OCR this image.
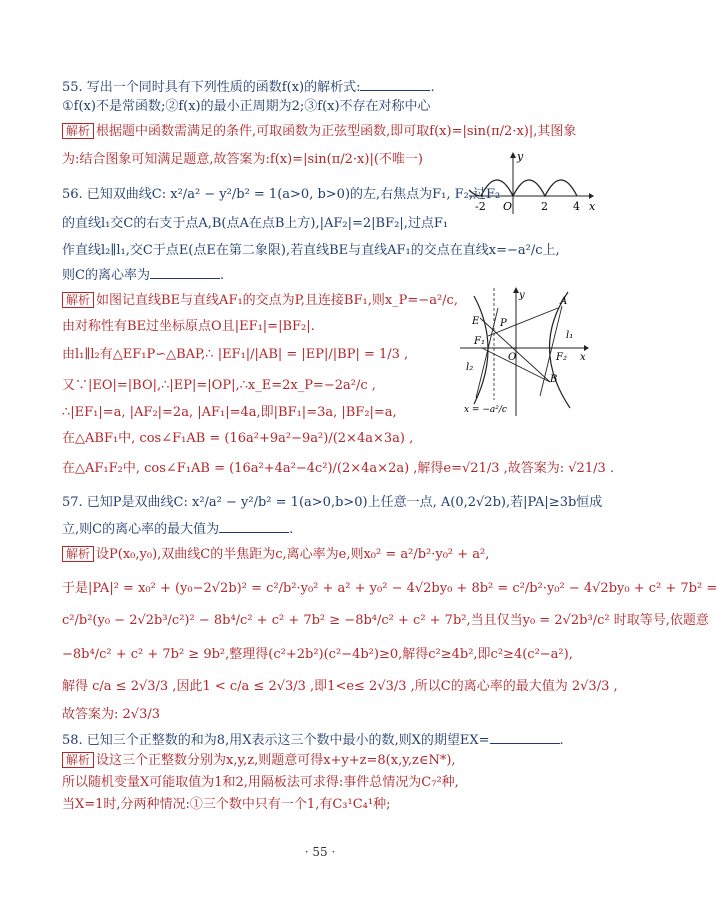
55. 写出一个同时具有下列性质的函数f(x)的解析式:	.
①f(x)不是常函数;②f(x)的最小正周期为2;③f(x)不存在对称中心
解析 根据题中函数需满足的条件,可取函数为正弦型函数,即可取f(x)=|sin(π/2·x)|,其图象
为:结合图象可知满足题意,故答案为:f(x)=|sin(π/2·x)|(不唯一)
x
y
-2 O	2 4
56. 已知双曲线C: x²/a² − y²/b² = 1(a>0, b>0)的左,右焦点为F₁, F₂,过F₂
的直线l₁交C的右支于点A,B(点A在点B上方),|AF₂|=2|BF₂|,过点F₁
作直线l₂∥l₁,交C于点E(点E在第二象限),若直线BE与直线AF₁的交点在直线x=−a²/c上,
则C的离心率为	.
解析 如图记直线BE与直线AF₁的交点为P,且连接BF₁,则x_P=−a²/c,
由对称性有BE过坐标原点O且|EF₁|=|BF₂|.
由l₁∥l₂有△EF₁P∽△BAP,∴ |EF₁|/|AB| = |EP|/|BP| = 1/3 ,
又∵|EO|=|BO|,∴|EP|=|OP|,∴x_E=2x_P=−2a²/c ,
∴|EF₁|=a, |AF₂|=2a, |AF₁|=4a,即|BF₁|=3a, |BF₂|=a,
在△ABF₁中, cos∠F₁AB = (16a²+9a²−9a²)/(2×4a×3a) ,
在△AF₁F₂中, cos∠F₁AB = (16a²+4a²−4c²)/(2×4a×2a) ,解得e=√21/3 ,故答案为: √21/3 .
y
E P
A
l₁
F₁
O	F₂ x
l₂
B
x = −a²/c
57. 已知P是双曲线C: x²/a² − y²/b² = 1(a>0,b>0)上任意一点, A(0,2√2b),若|PA|≥3b恒成
立,则C的离心率的最大值为	.
解析 设P(x₀,y₀),双曲线C的半焦距为c,离心率为e,则x₀² = a²/b²·y₀² + a²,
于是|PA|² = x₀² + (y₀−2√2b)² = c²/b²·y₀² + a² + y₀² − 4√2by₀ + 8b² = c²/b²·y₀² − 4√2by₀ + c² + 7b² =
c²/b²(y₀ − 2√2b³/c²)² − 8b⁴/c² + c² + 7b² ≥ −8b⁴/c² + c² + 7b²,当且仅当y₀ = 2√2b³/c² 时取等号,依题意
−8b⁴/c² + c² + 7b² ≥ 9b²,整理得(c²+2b²)(c²−4b²)≥0,解得c²≥4b²,即c²≥4(c²−a²),
解得 c/a ≤ 2√3/3 ,因此1 < c/a ≤ 2√3/3 ,即1<e≤ 2√3/3 ,所以C的离心率的最大值为 2√3/3 ,
故答案为: 2√3/3
58. 已知三个正整数的和为8,用X表示这三个数中最小的数,则X的期望EX=	.
解析 设这三个正整数分别为x,y,z,则题意可得x+y+z=8(x,y,z∈N*),
所以随机变量X可能取值为1和2,用隔板法可求得:事件总情况为C₇²种,
当X=1时,分两种情况:①三个数中只有一个1,有C₃¹C₄¹种;
· 55 ·
